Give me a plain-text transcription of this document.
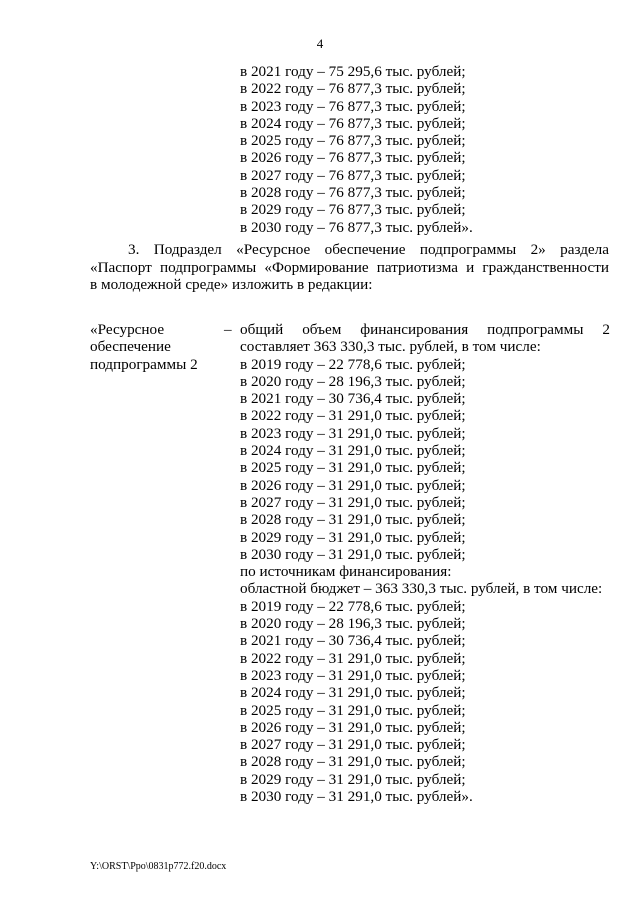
4
в 2021 году – 75 295,6 тыс. рублей;
в 2022 году – 76 877,3 тыс. рублей;
в 2023 году – 76 877,3 тыс. рублей;
в 2024 году – 76 877,3 тыс. рублей;
в 2025 году – 76 877,3 тыс. рублей;
в 2026 году – 76 877,3 тыс. рублей;
в 2027 году – 76 877,3 тыс. рублей;
в 2028 году – 76 877,3 тыс. рублей;
в 2029 году – 76 877,3 тыс. рублей;
в 2030 году – 76 877,3 тыс. рублей».
3. Подраздел «Ресурсное обеспечение подпрограммы 2» раздела
«Паспорт подпрограммы «Формирование патриотизма и гражданственности
в молодежной среде» изложить в редакции:
«Ресурсное
обеспечение
подпрограммы 2
– общий объем финансирования подпрограммы 2
составляет 363 330,3 тыс. рублей, в том числе:
в 2019 году – 22 778,6 тыс. рублей;
в 2020 году – 28 196,3 тыс. рублей;
в 2021 году – 30 736,4 тыс. рублей;
в 2022 году – 31 291,0 тыс. рублей;
в 2023 году – 31 291,0 тыс. рублей;
в 2024 году – 31 291,0 тыс. рублей;
в 2025 году – 31 291,0 тыс. рублей;
в 2026 году – 31 291,0 тыс. рублей;
в 2027 году – 31 291,0 тыс. рублей;
в 2028 году – 31 291,0 тыс. рублей;
в 2029 году – 31 291,0 тыс. рублей;
в 2030 году – 31 291,0 тыс. рублей;
по источникам финансирования:
областной бюджет – 363 330,3 тыс. рублей, в том числе:
в 2019 году – 22 778,6 тыс. рублей;
в 2020 году – 28 196,3 тыс. рублей;
в 2021 году – 30 736,4 тыс. рублей;
в 2022 году – 31 291,0 тыс. рублей;
в 2023 году – 31 291,0 тыс. рублей;
в 2024 году – 31 291,0 тыс. рублей;
в 2025 году – 31 291,0 тыс. рублей;
в 2026 году – 31 291,0 тыс. рублей;
в 2027 году – 31 291,0 тыс. рублей;
в 2028 году – 31 291,0 тыс. рублей;
в 2029 году – 31 291,0 тыс. рублей;
в 2030 году – 31 291,0 тыс. рублей».
Y:\ORST\Ppo\0831p772.f20.docx
